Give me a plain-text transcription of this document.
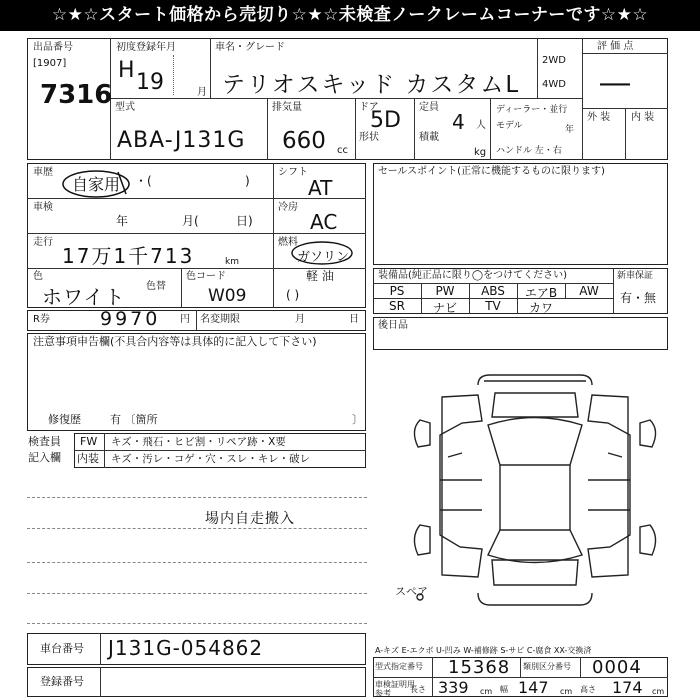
☆★☆スタート価格から売切り☆★☆未検査ノークレームコーナーです☆★☆
出品番号
[1907]
7316
初度登録年月
H 19	月
車名・グレード
テリオスキッド カスタムL
2WD
4WD
評 価 点
―
外 装 内 装
型式
ABA-J131G
排気量
660 cc
ドア
5D
形状
定員
4 人
積載
kg
ディーラー・並行
モデル	年
ハンドル 左・右
車歴
自家用 ・(	)
車検
年	月(	日)
走行
17万1千713	km
色
ホワイト 色替
色コード
W09
シフト
AT
冷房
AC
燃料
ガソリン
軽 油
( )
セールスポイント(正常に機能するものに限ります)
装備品(純正品に限り◯をつけてください)	新車保証
有・無
PS	PW	ABS	エアB	AW
SR	ナビ	TV	カワ
R券	9970 円 名変期限	月	日
後日品
注意事項申告欄(不具合内容等は具体的に記入して下さい)
修復歴	有 〔箇所	〕
検査員
記入欄
FW キズ・飛石・ヒビ割・リペア跡・X要
内装 キズ・汚レ・コゲ・穴・スレ・キレ・破レ
場内自走搬入
スペア
車台番号 J131G-054862
登録番号
A-キズ E-エクボ U-凹み W-補修跡 S-サビ C-腐食 XX-交換済
型式指定番号 15368 類別区分番号 0004
車検証明用
参考 長さ 339 cm 幅 147 cm 高さ 174 cm
